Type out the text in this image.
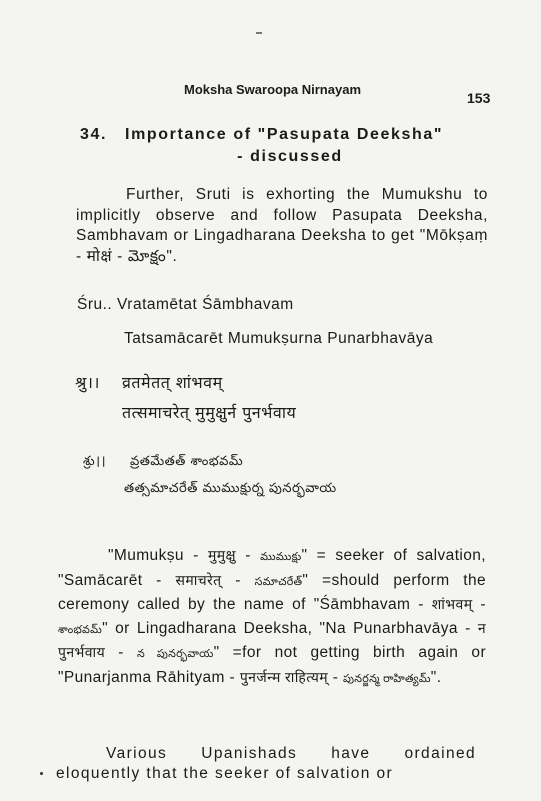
Moksha Swaroopa Nirnayam
153
34. Importance of "Pasupata Deeksha"
- discussed
Further, Sruti is exhorting the Mumukshu to implicitly observe and follow Pasupata Deeksha, Sambhavam or Lingadharana Deeksha to get "Mōkṣaṃ - मोक्षं - మోక్షం".
Śru.. Vratamētat Śāmbhavam
Tatsamācarēt Mumukṣurna Punarbhavāya
श्रु।। व्रतमेतत् शांभवम्
तत्समाचरेत् मुमुक्षुर्न पुनर्भवाय
శ్రు।। వ్రతమేతత్ శాంభవమ్
తత్సమాచరేత్ ముముక్షుర్న పునర్భవాయ
"Mumukṣu - मुमुक्षु - ముముక్షు" = seeker of salvation, "Samācarēt - समाचरेत् - సమాచరేత్" =should perform the ceremony called by the name of "Śāmbhavam - शांभवम् - శాంభవమ్" or Lingadharana Deeksha, "Na Punarbhavāya - न पुनर्भवाय - న పునర్భవాయ" =for not getting birth again or "Punarjanma Rāhityam - पुनर्जन्म राहित्यम् - పునర్జన్మ రాహిత్యమ్".
Various Upanishads have ordained eloquently that the seeker of salvation or
